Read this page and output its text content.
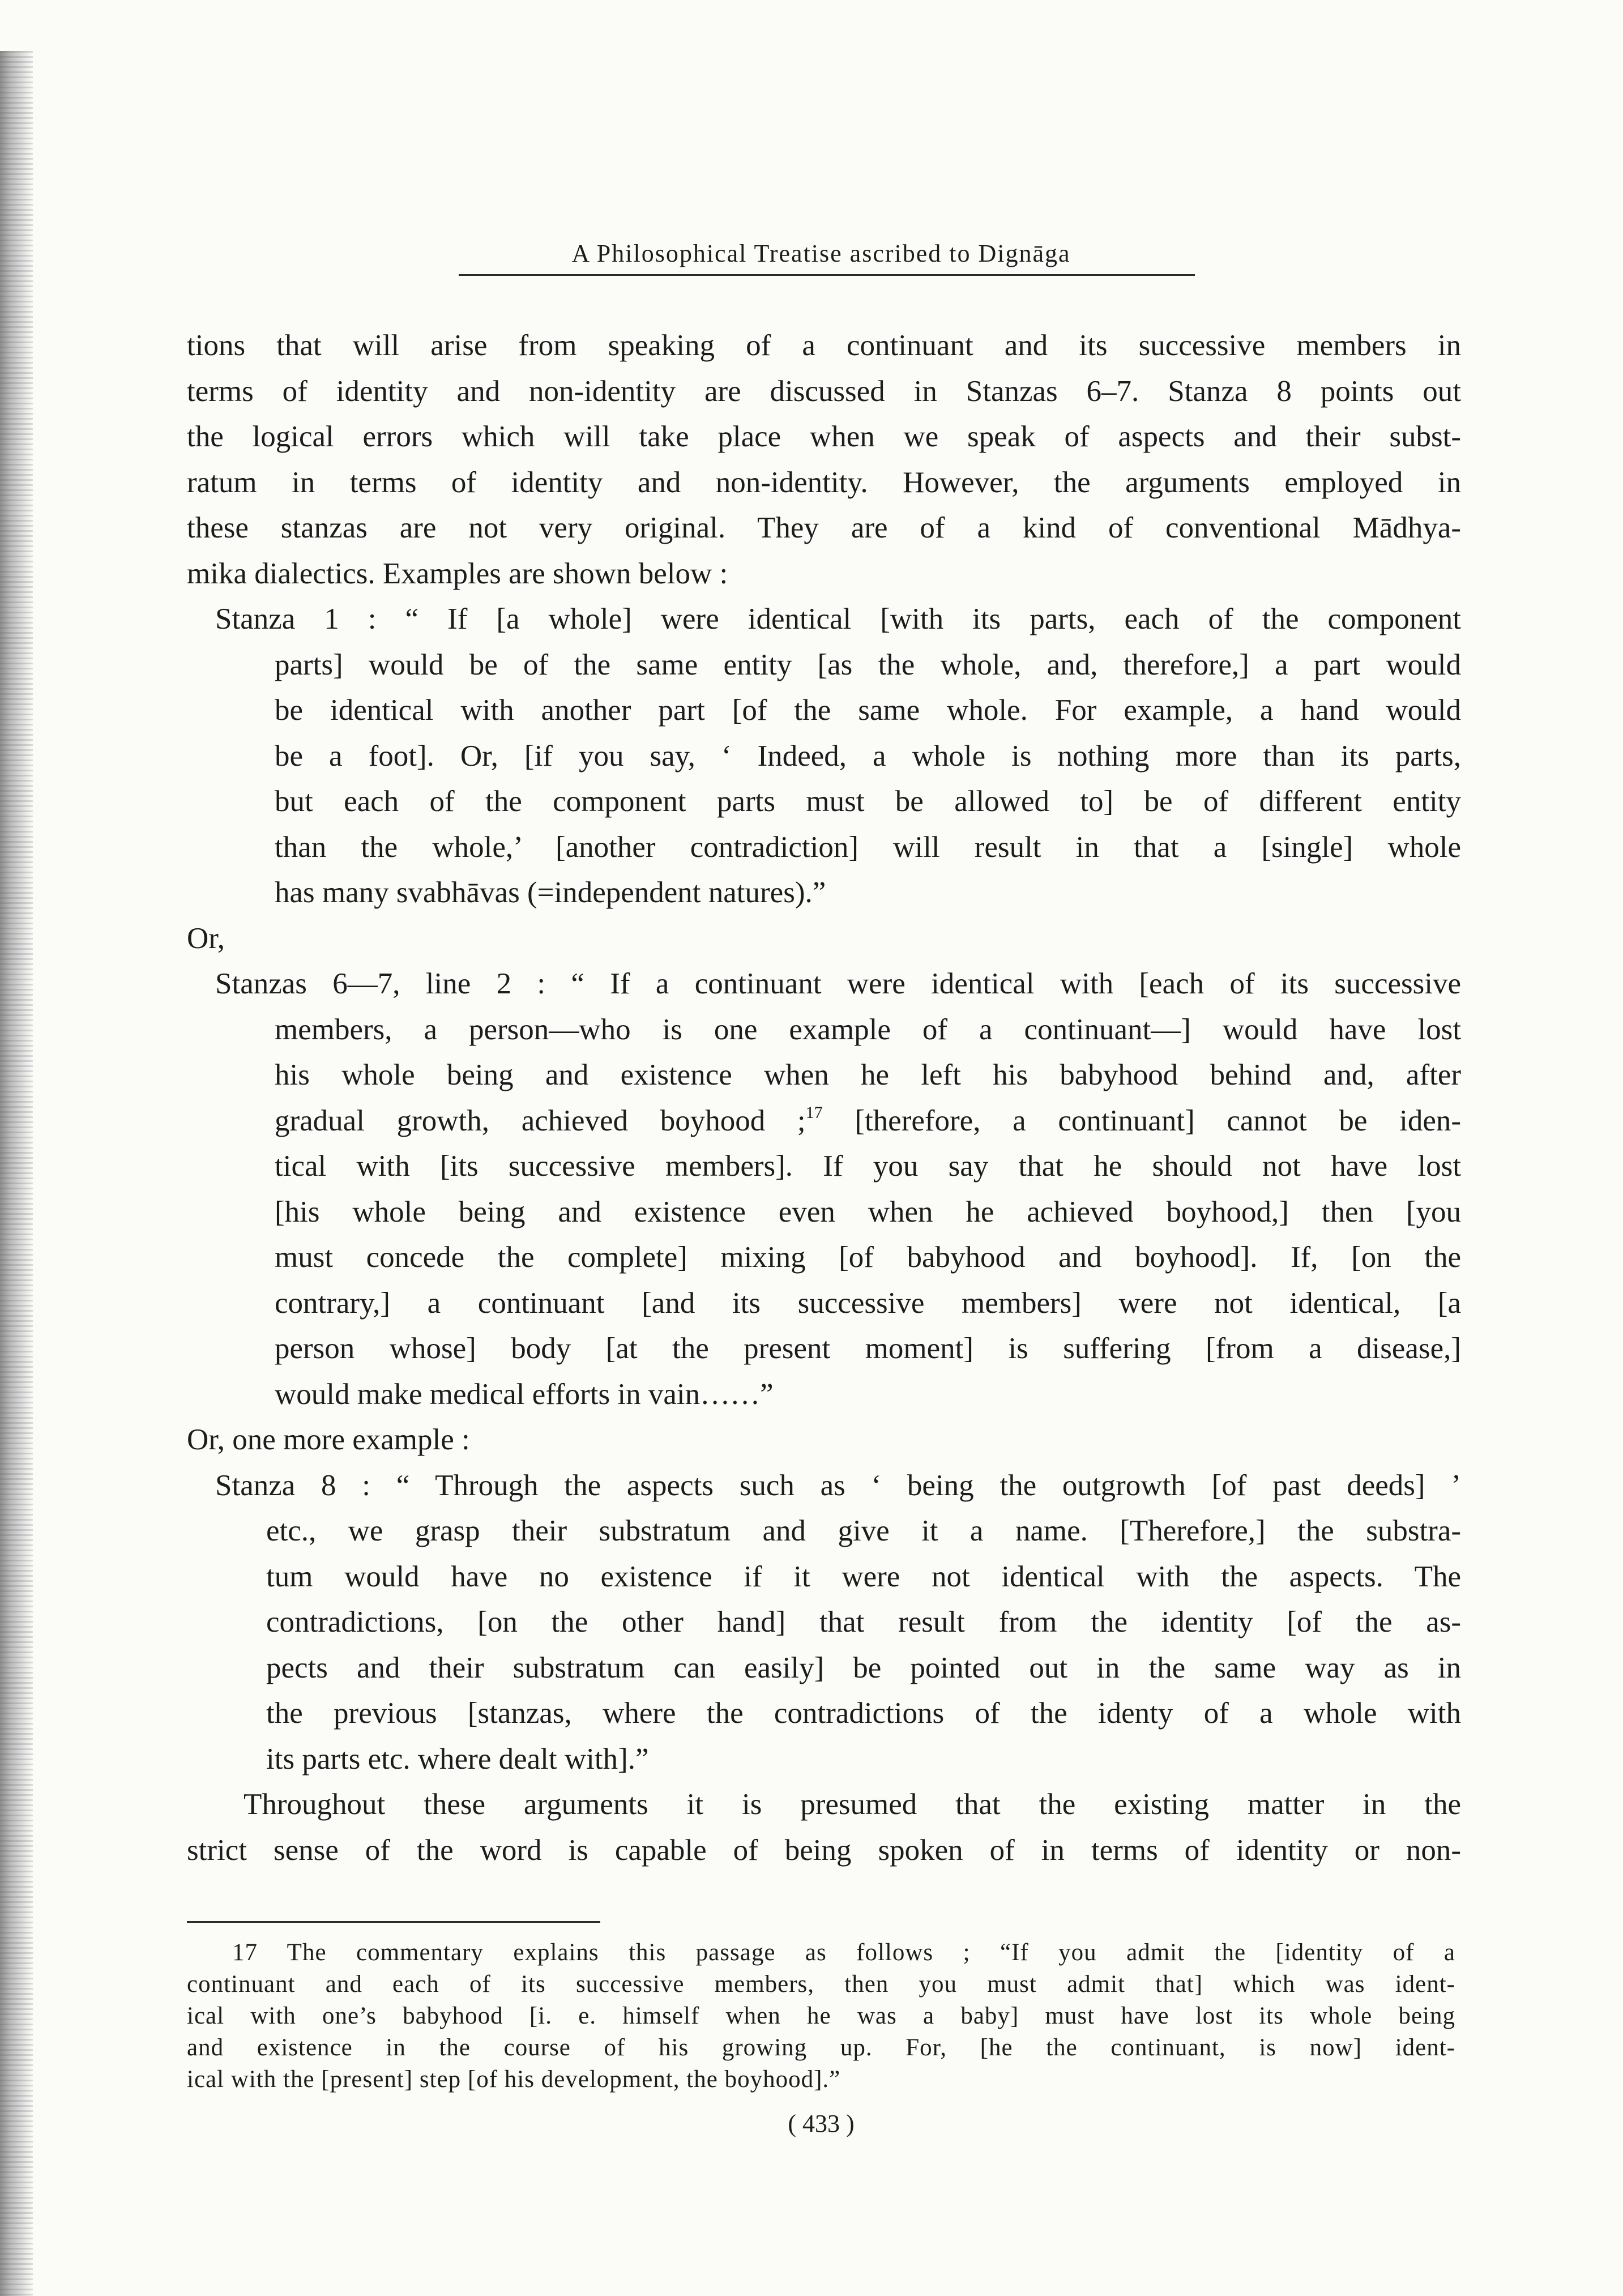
A Philosophical Treatise ascribed to Dignāga
tions that will arise from speaking of a continuant and its successive members in
terms of identity and non-identity are discussed in Stanzas 6–7. Stanza 8 points out
the logical errors which will take place when we speak of aspects and their subst-
ratum in terms of identity and non-identity. However, the arguments employed in
these stanzas are not very original. They are of a kind of conventional Mādhya-
mika dialectics. Examples are shown below :
Stanza 1 : “ If [a whole] were identical [with its parts, each of the component
parts] would be of the same entity [as the whole, and, therefore,] a part would
be identical with another part [of the same whole. For example, a hand would
be a foot]. Or, [if you say, ‘ Indeed, a whole is nothing more than its parts,
but each of the component parts must be allowed to] be of different entity
than the whole,’ [another contradiction] will result in that a [single] whole
has many svabhāvas (=independent natures).”
Or,
Stanzas 6—7, line 2 : “ If a continuant were identical with [each of its successive
members, a person—who is one example of a continuant—] would have lost
his whole being and existence when he left his babyhood behind and, after
gradual growth, achieved boyhood ;$^{17}$ [therefore, a continuant] cannot be iden-
tical with [its successive members]. If you say that he should not have lost
[his whole being and existence even when he achieved boyhood,] then [you
must concede the complete] mixing [of babyhood and boyhood]. If, [on the
contrary,] a continuant [and its successive members] were not identical, [a
person whose] body [at the present moment] is suffering [from a disease,]
would make medical efforts in vain……”
Or, one more example :
Stanza 8 : “ Through the aspects such as ‘ being the outgrowth [of past deeds] ’
etc., we grasp their substratum and give it a name. [Therefore,] the substra-
tum would have no existence if it were not identical with the aspects. The
contradictions, [on the other hand] that result from the identity [of the as-
pects and their substratum can easily] be pointed out in the same way as in
the previous [stanzas, where the contradictions of the identy of a whole with
its parts etc. where dealt with].”
Throughout these arguments it is presumed that the existing matter in the
strict sense of the word is capable of being spoken of in terms of identity or non-
17 The commentary explains this passage as follows ; “If you admit the [identity of a
continuant and each of its successive members, then you must admit that] which was ident-
ical with one’s babyhood [i. e. himself when he was a baby] must have lost its whole being
and existence in the course of his growing up. For, [he the continuant, is now] ident-
ical with the [present] step [of his development, the boyhood].”
( 433 )
